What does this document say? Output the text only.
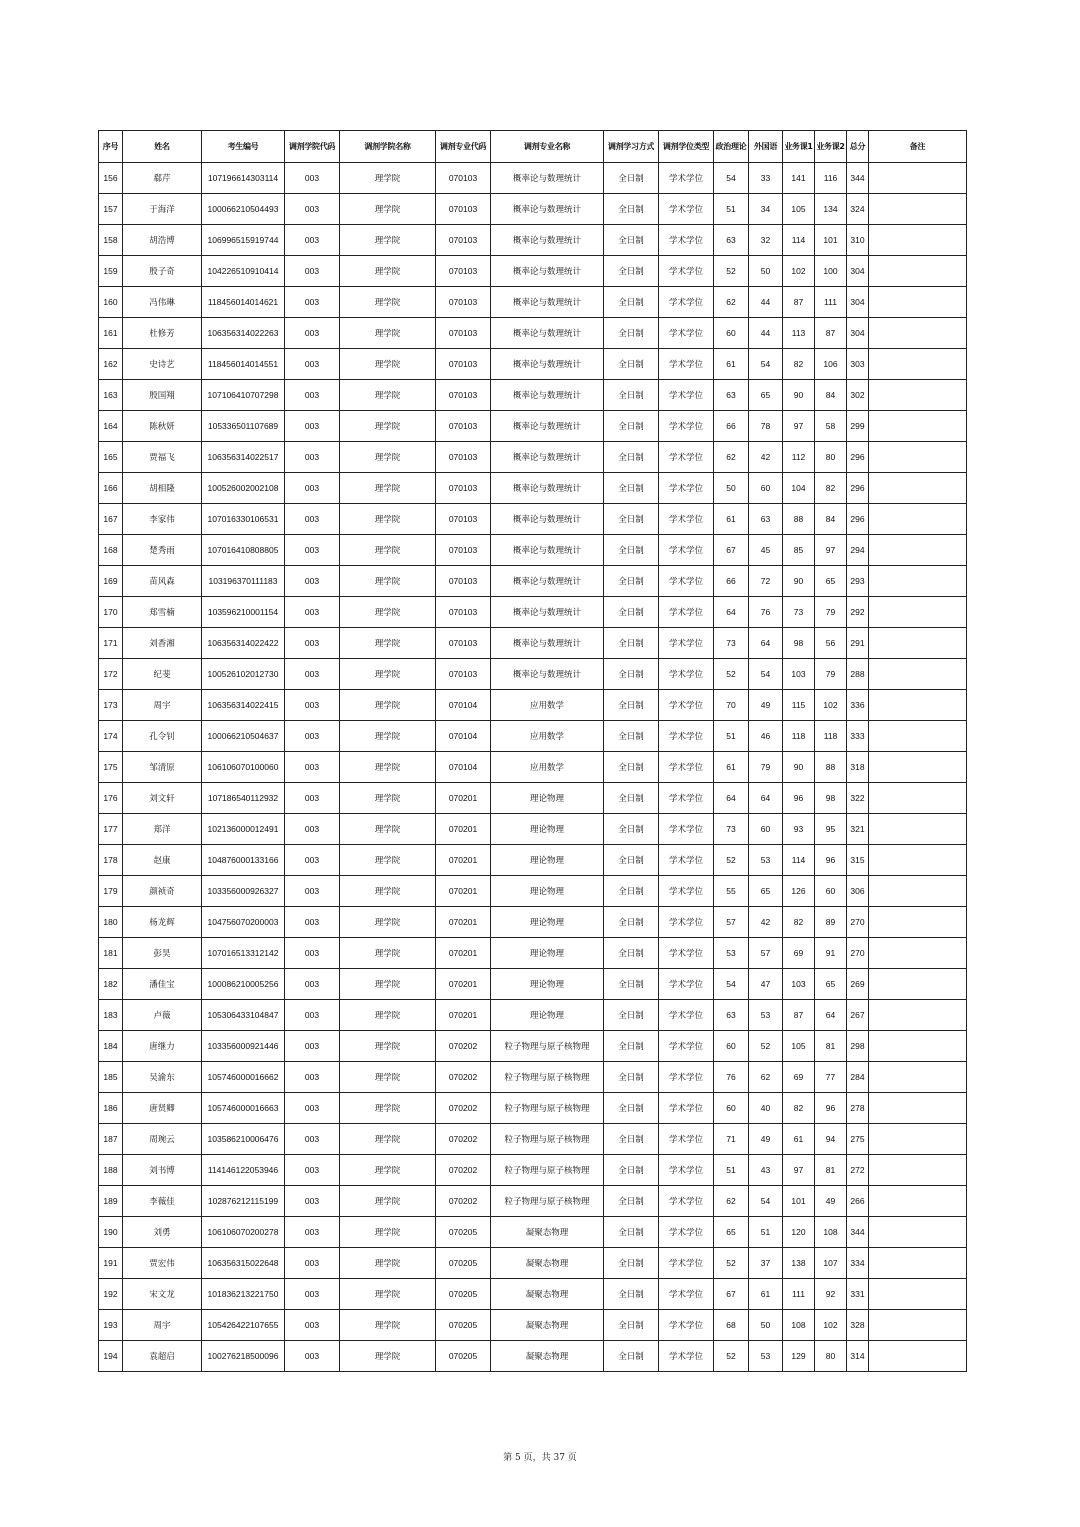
序号	姓名	考生编号	调剂学院代码	调剂学院名称	调剂专业代码	调剂专业名称	调剂学习方式	调剂学位类型	政治理论	外国语	业务课1	业务课2	总分	备注
156	郗芹	107196614303114	003	理学院	070103	概率论与数理统计	全日制	学术学位	54	33	141	116	344	
157	于海洋	100066210504493	003	理学院	070103	概率论与数理统计	全日制	学术学位	51	34	105	134	324	
158	胡浩博	106996515919744	003	理学院	070103	概率论与数理统计	全日制	学术学位	63	32	114	101	310	
159	殷子奇	104226510910414	003	理学院	070103	概率论与数理统计	全日制	学术学位	52	50	102	100	304	
160	冯伟琳	118456014014621	003	理学院	070103	概率论与数理统计	全日制	学术学位	62	44	87	111	304	
161	杜修芳	106356314022263	003	理学院	070103	概率论与数理统计	全日制	学术学位	60	44	113	87	304	
162	史诗艺	118456014014551	003	理学院	070103	概率论与数理统计	全日制	学术学位	61	54	82	106	303	
163	殷国翔	107106410707298	003	理学院	070103	概率论与数理统计	全日制	学术学位	63	65	90	84	302	
164	陈秋妍	105336501107689	003	理学院	070103	概率论与数理统计	全日制	学术学位	66	78	97	58	299	
165	贾福飞	106356314022517	003	理学院	070103	概率论与数理统计	全日制	学术学位	62	42	112	80	296	
166	胡相隆	100526002002108	003	理学院	070103	概率论与数理统计	全日制	学术学位	50	60	104	82	296	
167	李家伟	107016330106531	003	理学院	070103	概率论与数理统计	全日制	学术学位	61	63	88	84	296	
168	楚秀雨	107016410808805	003	理学院	070103	概率论与数理统计	全日制	学术学位	67	45	85	97	294	
169	苗风森	103196370111183	003	理学院	070103	概率论与数理统计	全日制	学术学位	66	72	90	65	293	
170	郑雪楠	103596210001154	003	理学院	070103	概率论与数理统计	全日制	学术学位	64	76	73	79	292	
171	刘香湘	106356314022422	003	理学院	070103	概率论与数理统计	全日制	学术学位	73	64	98	56	291	
172	纪斐	100526102012730	003	理学院	070103	概率论与数理统计	全日制	学术学位	52	54	103	79	288	
173	周宇	106356314022415	003	理学院	070104	应用数学	全日制	学术学位	70	49	115	102	336	
174	孔令钊	100066210504637	003	理学院	070104	应用数学	全日制	学术学位	51	46	118	118	333	
175	邹清原	106106070100060	003	理学院	070104	应用数学	全日制	学术学位	61	79	90	88	318	
176	刘文轩	107186540112932	003	理学院	070201	理论物理	全日制	学术学位	64	64	96	98	322	
177	郑洋	102136000012491	003	理学院	070201	理论物理	全日制	学术学位	73	60	93	95	321	
178	赵康	104876000133166	003	理学院	070201	理论物理	全日制	学术学位	52	53	114	96	315	
179	颜祯奇	103356000926327	003	理学院	070201	理论物理	全日制	学术学位	55	65	126	60	306	
180	杨龙辉	104756070200003	003	理学院	070201	理论物理	全日制	学术学位	57	42	82	89	270	
181	彭昊	107016513312142	003	理学院	070201	理论物理	全日制	学术学位	53	57	69	91	270	
182	潘佳宝	100086210005256	003	理学院	070201	理论物理	全日制	学术学位	54	47	103	65	269	
183	卢薇	105306433104847	003	理学院	070201	理论物理	全日制	学术学位	63	53	87	64	267	
184	唐继力	103356000921446	003	理学院	070202	粒子物理与原子核物理	全日制	学术学位	60	52	105	81	298	
185	吴渝东	105746000016662	003	理学院	070202	粒子物理与原子核物理	全日制	学术学位	76	62	69	77	284	
186	唐贤卿	105746000016663	003	理学院	070202	粒子物理与原子核物理	全日制	学术学位	60	40	82	96	278	
187	周琬云	103586210006476	003	理学院	070202	粒子物理与原子核物理	全日制	学术学位	71	49	61	94	275	
188	刘书博	114146122053946	003	理学院	070202	粒子物理与原子核物理	全日制	学术学位	51	43	97	81	272	
189	李薇佳	102876212115199	003	理学院	070202	粒子物理与原子核物理	全日制	学术学位	62	54	101	49	266	
190	刘勇	106106070200278	003	理学院	070205	凝聚态物理	全日制	学术学位	65	51	120	108	344	
191	贾宏伟	106356315022648	003	理学院	070205	凝聚态物理	全日制	学术学位	52	37	138	107	334	
192	宋文龙	101836213221750	003	理学院	070205	凝聚态物理	全日制	学术学位	67	61	111	92	331	
193	周宇	105426422107655	003	理学院	070205	凝聚态物理	全日制	学术学位	68	50	108	102	328	
194	袁超启	100276218500096	003	理学院	070205	凝聚态物理	全日制	学术学位	52	53	129	80	314	
第 5 页，共 37 页
